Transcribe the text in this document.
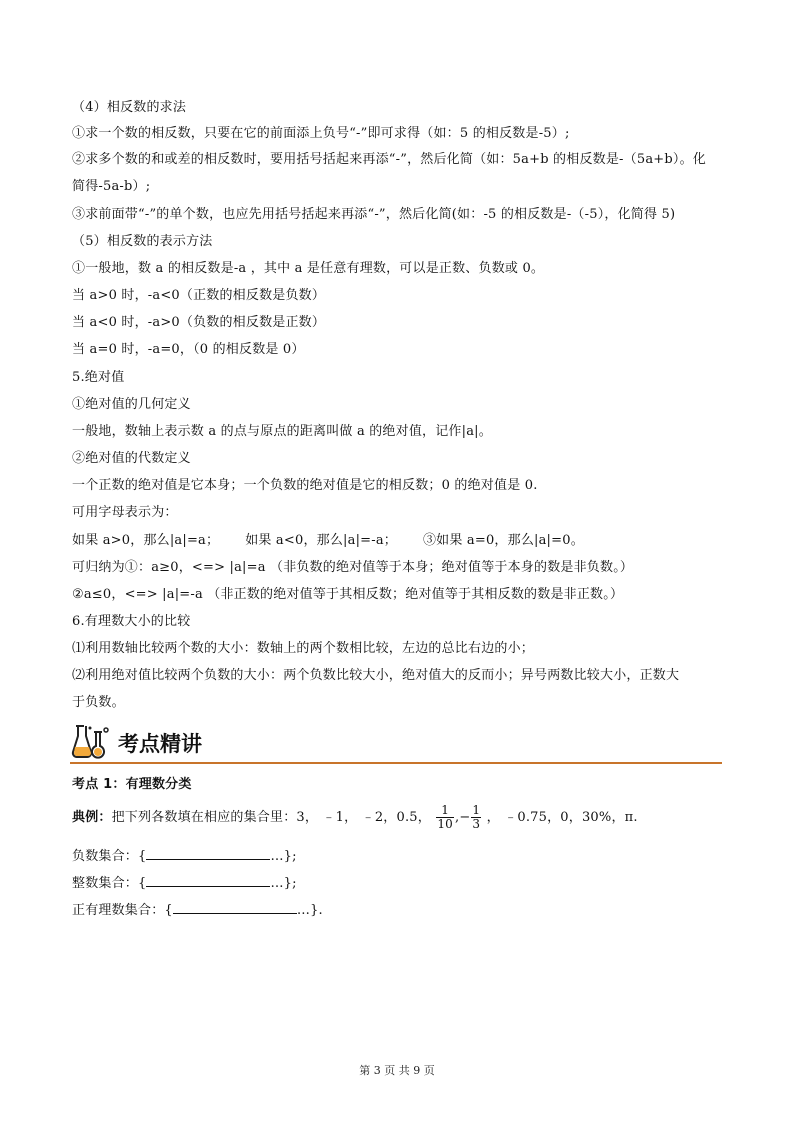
（4）相反数的求法
①求一个数的相反数，只要在它的前面添上负号“-”即可求得（如：5 的相反数是-5）;
②求多个数的和或差的相反数时，要用括号括起来再添“-”，然后化简（如：5a+b 的相反数是-（5a+b）。化
简得-5a-b）;
③求前面带“-”的单个数，也应先用括号括起来再添“-”，然后化简(如：-5 的相反数是-（-5），化简得 5)
（5）相反数的表示方法
①一般地，数 a 的相反数是-a ，其中 a 是任意有理数，可以是正数、负数或 0。
当 a>0 时，-a<0（正数的相反数是负数）
当 a<0 时，-a>0（负数的相反数是正数）
当 a=0 时，-a=0，（0 的相反数是 0）
5.绝对值
①绝对值的几何定义
一般地，数轴上表示数 a 的点与原点的距离叫做 a 的绝对值，记作|a|。
②绝对值的代数定义
一个正数的绝对值是它本身；一个负数的绝对值是它的相反数；0 的绝对值是 0.
可用字母表示为：
如果 a>0，那么|a|=a；      如果 a<0，那么|a|=-a；      ③如果 a=0，那么|a|=0。
可归纳为①：a≥0，<=> |a|=a （非负数的绝对值等于本身；绝对值等于本身的数是非负数。）
②a≤0，<=> |a|=-a （非正数的绝对值等于其相反数；绝对值等于其相反数的数是非正数。）
6.有理数大小的比较
⑴利用数轴比较两个数的大小：数轴上的两个数相比较，左边的总比右边的小；
⑵利用绝对值比较两个负数的大小：两个负数比较大小，绝对值大的反而小；异号两数比较大小，正数大
于负数。
考点精讲
考点 1：有理数分类
典例：把下列各数填在相应的集合里：3， ﹣1， ﹣2，0.5， $\frac{1}{10}$ ,− $\frac{1}{3}$ ， ﹣0.75，0，30%，π.
负数集合：{	…};
整数集合：{	…};
正有理数集合：{	…}.
第 3 页 共 9 页
